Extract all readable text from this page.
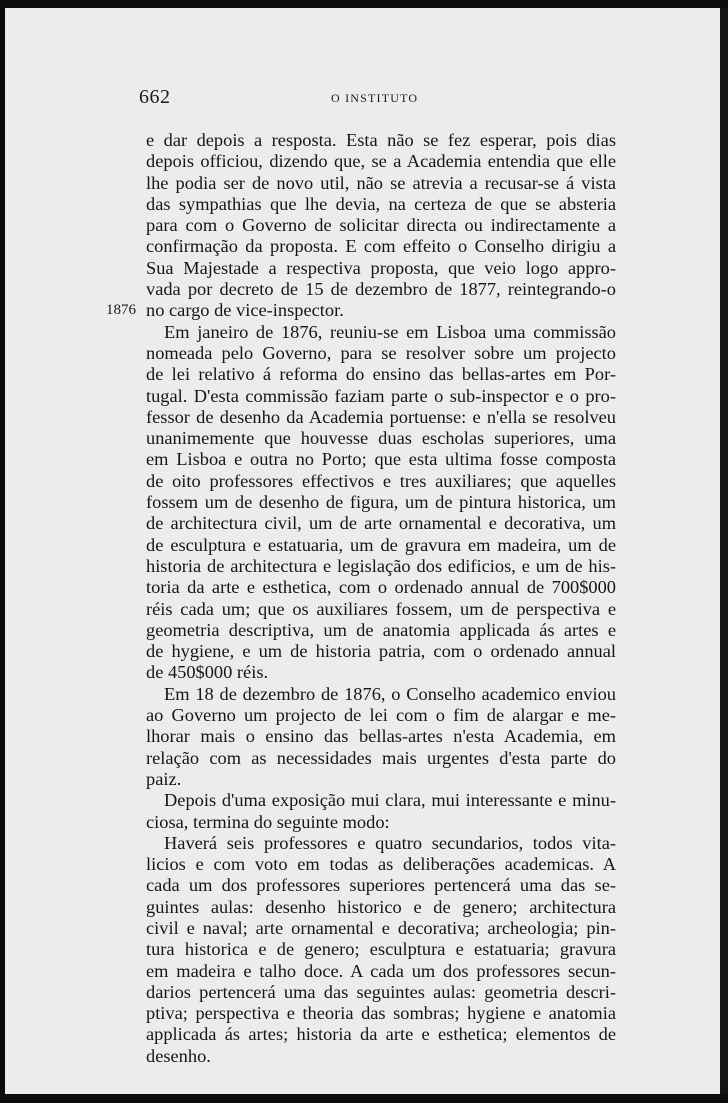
662	O INSTITUTO
1876
e dar depois a resposta. Esta não se fez esperar, pois dias
depois officiou, dizendo que, se a Academia entendia que elle
lhe podia ser de novo util, não se atrevia a recusar-se á vista
das sympathias que lhe devia, na certeza de que se absteria
para com o Governo de solicitar directa ou indirectamente a
confirmação da proposta. E com effeito o Conselho dirigiu a
Sua Majestade a respectiva proposta, que veio logo appro-
vada por decreto de 15 de dezembro de 1877, reintegrando-o
no cargo de vice-inspector.
Em janeiro de 1876, reuniu-se em Lisboa uma commissão
nomeada pelo Governo, para se resolver sobre um projecto
de lei relativo á reforma do ensino das bellas-artes em Por-
tugal. D'esta commissão faziam parte o sub-inspector e o pro-
fessor de desenho da Academia portuense: e n'ella se resolveu
unanimemente que houvesse duas escholas superiores, uma
em Lisboa e outra no Porto; que esta ultima fosse composta
de oito professores effectivos e tres auxiliares; que aquelles
fossem um de desenho de figura, um de pintura historica, um
de architectura civil, um de arte ornamental e decorativa, um
de esculptura e estatuaria, um de gravura em madeira, um de
historia de architectura e legislação dos edificios, e um de his-
toria da arte e esthetica, com o ordenado annual de 700$000
réis cada um; que os auxiliares fossem, um de perspectiva e
geometria descriptiva, um de anatomia applicada ás artes e
de hygiene, e um de historia patria, com o ordenado annual
de 450$000 réis.
Em 18 de dezembro de 1876, o Conselho academico enviou
ao Governo um projecto de lei com o fim de alargar e me-
lhorar mais o ensino das bellas-artes n'esta Academia, em
relação com as necessidades mais urgentes d'esta parte do
paiz.
Depois d'uma exposição mui clara, mui interessante e minu-
ciosa, termina do seguinte modo:
Haverá seis professores e quatro secundarios, todos vita-
licios e com voto em todas as deliberações academicas. A
cada um dos professores superiores pertencerá uma das se-
guintes aulas: desenho historico e de genero; architectura
civil e naval; arte ornamental e decorativa; archeologia; pin-
tura historica e de genero; esculptura e estatuaria; gravura
em madeira e talho doce. A cada um dos professores secun-
darios pertencerá uma das seguintes aulas: geometria descri-
ptiva; perspectiva e theoria das sombras; hygiene e anatomia
applicada ás artes; historia da arte e esthetica; elementos de
desenho.
